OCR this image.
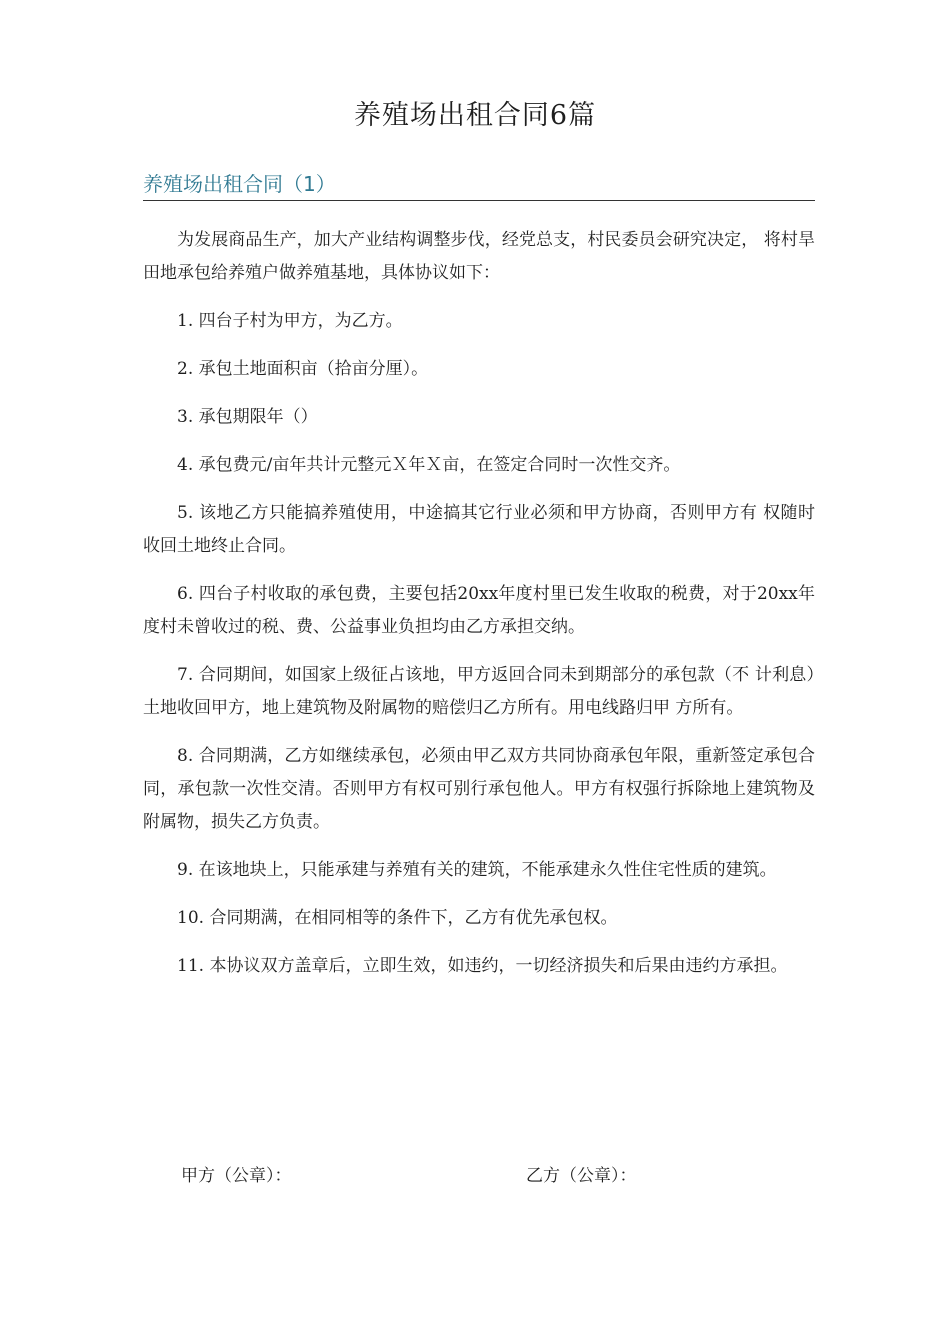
养殖场出租合同6篇
养殖场出租合同（1）

为发展商品生产，加大产业结构调整步伐，经党总支，村民委员会研究决定， 将村旱田地承包给养殖户做养殖基地，具体协议如下：

1. 四台子村为甲方，为乙方。

2. 承包土地面积亩（拾亩分厘）。

3. 承包期限年（）

4. 承包费元/亩年共计元整元Ｘ年Ｘ亩，在签定合同时一次性交齐。

5. 该地乙方只能搞养殖使用，中途搞其它行业必须和甲方协商，否则甲方有 权随时收回土地终止合同。

6. 四台子村收取的承包费，主要包括20xx年度村里已发生收取的税费，对于20xx年度村未曾收过的税、费、公益事业负担均由乙方承担交纳。

7. 合同期间，如国家上级征占该地，甲方返回合同未到期部分的承包款（不 计利息）土地收回甲方，地上建筑物及附属物的赔偿归乙方所有。用电线路归甲 方所有。

8. 合同期满，乙方如继续承包，必须由甲乙双方共同协商承包年限，重新签定承包合同，承包款一次性交清。否则甲方有权可别行承包他人。甲方有权强行拆除地上建筑物及附属物，损失乙方负责。

9. 在该地块上，只能承建与养殖有关的建筑，不能承建永久性住宅性质的建筑。

10. 合同期满，在相同相等的条件下，乙方有优先承包权。

11. 本协议双方盖章后，立即生效，如违约，一切经济损失和后果由违约方承担。

甲方（公章）：	乙方（公章）：
